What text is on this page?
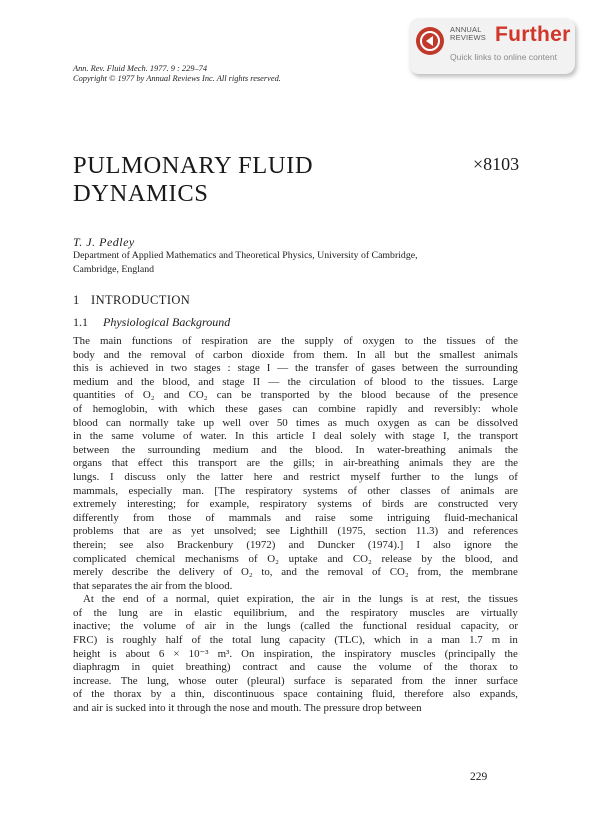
ANNUAL
REVIEWS Further
Quick links to online content
Ann. Rev. Fluid Mech. 1977. 9 : 229–74
Copyright © 1977 by Annual Reviews Inc. All rights reserved.
PULMONARY FLUID
DYNAMICS
×8103
T. J. Pedley
Department of Applied Mathematics and Theoretical Physics, University of Cambridge,
Cambridge, England
1 INTRODUCTION
1.1 Physiological Background
The main functions of respiration are the supply of oxygen to the tissues of the
body and the removal of carbon dioxide from them. In all but the smallest animals
this is achieved in two stages : stage I — the transfer of gases between the surrounding
medium and the blood, and stage II — the circulation of blood to the tissues. Large
quantities of O₂ and CO₂ can be transported by the blood because of the presence
of hemoglobin, with which these gases can combine rapidly and reversibly: whole
blood can normally take up well over 50 times as much oxygen as can be dissolved
in the same volume of water. In this article I deal solely with stage I, the transport
between the surrounding medium and the blood. In water-breathing animals the
organs that effect this transport are the gills; in air-breathing animals they are the
lungs. I discuss only the latter here and restrict myself further to the lungs of
mammals, especially man. [The respiratory systems of other classes of animals are
extremely interesting; for example, respiratory systems of birds are constructed very
differently from those of mammals and raise some intriguing fluid-mechanical
problems that are as yet unsolved; see Lighthill (1975, section 11.3) and references
therein; see also Brackenbury (1972) and Duncker (1974).] I also ignore the
complicated chemical mechanisms of O₂ uptake and CO₂ release by the blood, and
merely describe the delivery of O₂ to, and the removal of CO₂ from, the membrane
that separates the air from the blood.
At the end of a normal, quiet expiration, the air in the lungs is at rest, the tissues
of the lung are in elastic equilibrium, and the respiratory muscles are virtually
inactive; the volume of air in the lungs (called the functional residual capacity, or
FRC) is roughly half of the total lung capacity (TLC), which in a man 1.7 m in
height is about 6 × 10⁻³ m³. On inspiration, the inspiratory muscles (principally the
diaphragm in quiet breathing) contract and cause the volume of the thorax to
increase. The lung, whose outer (pleural) surface is separated from the inner surface
of the thorax by a thin, discontinuous space containing fluid, therefore also expands,
and air is sucked into it through the nose and mouth. The pressure drop between
229
